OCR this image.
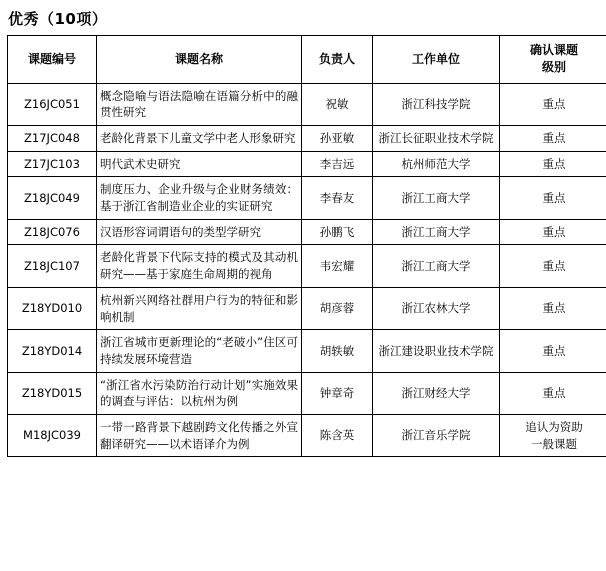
优秀（10项）
课题编号	课题名称	负责人	工作单位	确认课题
级别

Z16JC051	概念隐喻与语法隐喻在语篇分析中的融贯性研究	祝敏	浙江科技学院	重点
Z17JC048	老龄化背景下儿童文学中老人形象研究	孙亚敏	浙江长征职业技术学院	重点
Z17JC103	明代武术史研究	李吉远	杭州师范大学	重点
Z18JC049	制度压力、企业升级与企业财务绩效：基于浙江省制造业企业的实证研究	李春友	浙江工商大学	重点
Z18JC076	汉语形容词谓语句的类型学研究	孙鹏飞	浙江工商大学	重点
Z18JC107	老龄化背景下代际支持的模式及其动机研究——基于家庭生命周期的视角	韦宏耀	浙江工商大学	重点
Z18YD010	杭州新兴网络社群用户行为的特征和影响机制	胡彦蓉	浙江农林大学	重点
Z18YD014	浙江省城市更新理论的“老破小”住区可持续发展环境营造	胡轶敏	浙江建设职业技术学院	重点
Z18YD015	“浙江省水污染防治行动计划”实施效果的调查与评估：以杭州为例	钟章奇	浙江财经大学	重点
M18JC039	一带一路背景下越剧跨文化传播之外宣翻译研究——以术语译介为例	陈含英	浙江音乐学院	追认为资助
一般课题
